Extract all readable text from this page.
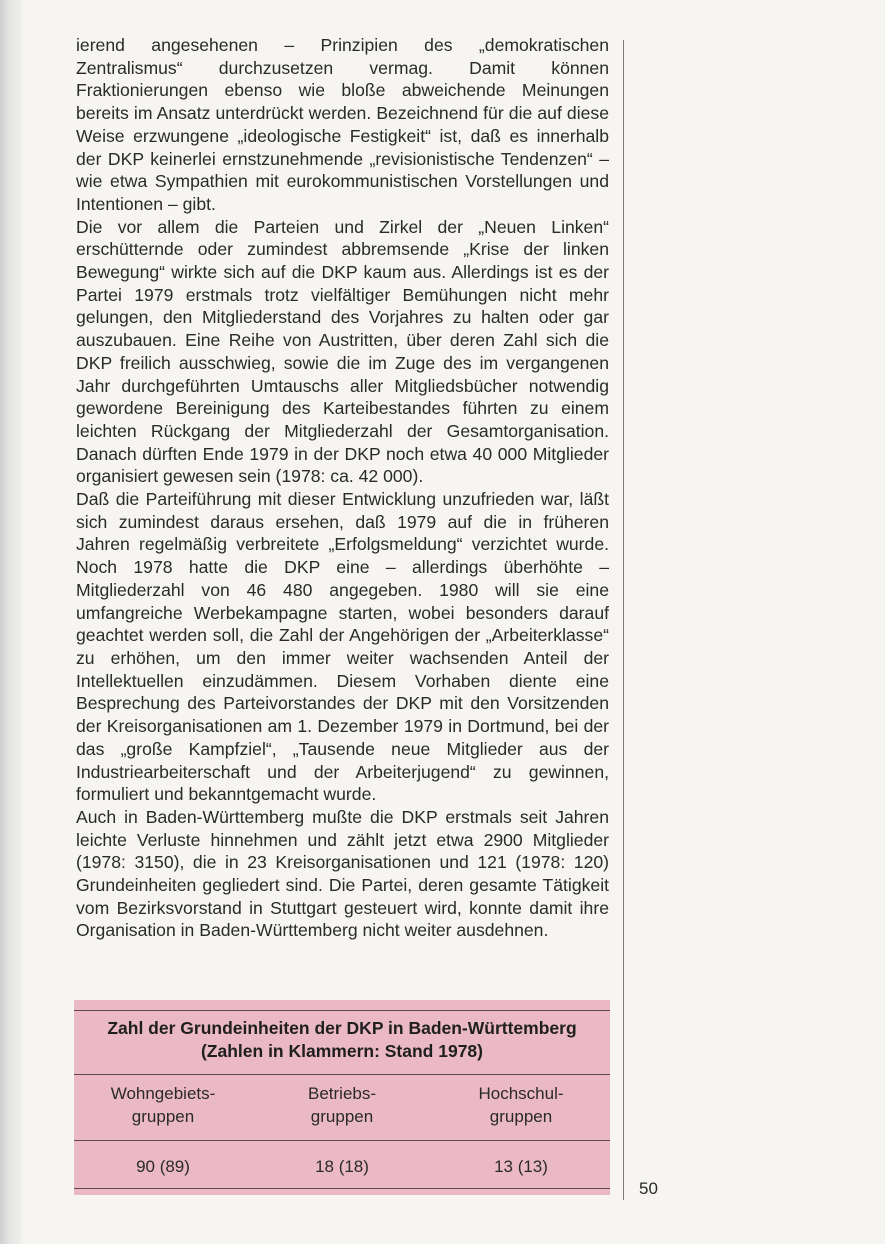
ierend angesehenen – Prinzipien des „demokratischen Zentralismus“ durchzusetzen vermag. Damit können Fraktionierungen ebenso wie bloße abweichende Meinungen bereits im Ansatz unterdrückt werden. Bezeichnend für die auf diese Weise erzwungene „ideologische Festigkeit“ ist, daß es innerhalb der DKP keinerlei ernstzunehmende „revisionistische Tendenzen“ – wie etwa Sympathien mit eurokommunistischen Vorstellungen und Intentionen – gibt.

Die vor allem die Parteien und Zirkel der „Neuen Linken“ erschütternde oder zumindest abbremsende „Krise der linken Bewegung“ wirkte sich auf die DKP kaum aus. Allerdings ist es der Partei 1979 erstmals trotz vielfältiger Bemühungen nicht mehr gelungen, den Mitgliederstand des Vorjahres zu halten oder gar auszubauen. Eine Reihe von Austritten, über deren Zahl sich die DKP freilich ausschwieg, sowie die im Zuge des im vergangenen Jahr durchgeführten Umtauschs aller Mitgliedsbücher notwendig gewordene Bereinigung des Karteibestandes führten zu einem leichten Rückgang der Mitgliederzahl der Gesamtorganisation. Danach dürften Ende 1979 in der DKP noch etwa 40 000 Mitglieder organisiert gewesen sein (1978: ca. 42 000).

Daß die Parteiführung mit dieser Entwicklung unzufrieden war, läßt sich zumindest daraus ersehen, daß 1979 auf die in früheren Jahren regelmäßig verbreitete „Erfolgsmeldung“ verzichtet wurde. Noch 1978 hatte die DKP eine – allerdings überhöhte – Mitgliederzahl von 46 480 angegeben. 1980 will sie eine umfangreiche Werbekampagne starten, wobei besonders darauf geachtet werden soll, die Zahl der Angehörigen der „Arbeiterklasse“ zu erhöhen, um den immer weiter wachsenden Anteil der Intellektuellen einzudämmen. Diesem Vorhaben diente eine Besprechung des Parteivorstandes der DKP mit den Vorsitzenden der Kreisorganisationen am 1. Dezember 1979 in Dortmund, bei der das „große Kampfziel“, „Tausende neue Mitglieder aus der Industriearbeiterschaft und der Arbeiterjugend“ zu gewinnen, formuliert und bekanntgemacht wurde.

Auch in Baden-Württemberg mußte die DKP erstmals seit Jahren leichte Verluste hinnehmen und zählt jetzt etwa 2900 Mitglieder (1978: 3150), die in 23 Kreisorganisationen und 121 (1978: 120) Grundeinheiten gegliedert sind. Die Partei, deren gesamte Tätigkeit vom Bezirksvorstand in Stuttgart gesteuert wird, konnte damit ihre Organisation in Baden-Württemberg nicht weiter ausdehnen.

Zahl der Grundeinheiten der DKP in Baden-Württemberg
(Zahlen in Klammern: Stand 1978)
Wohngebiets-
gruppen
Betriebs-
gruppen
Hochschul-
gruppen
90 (89)	18 (18)	13 (13)
50
